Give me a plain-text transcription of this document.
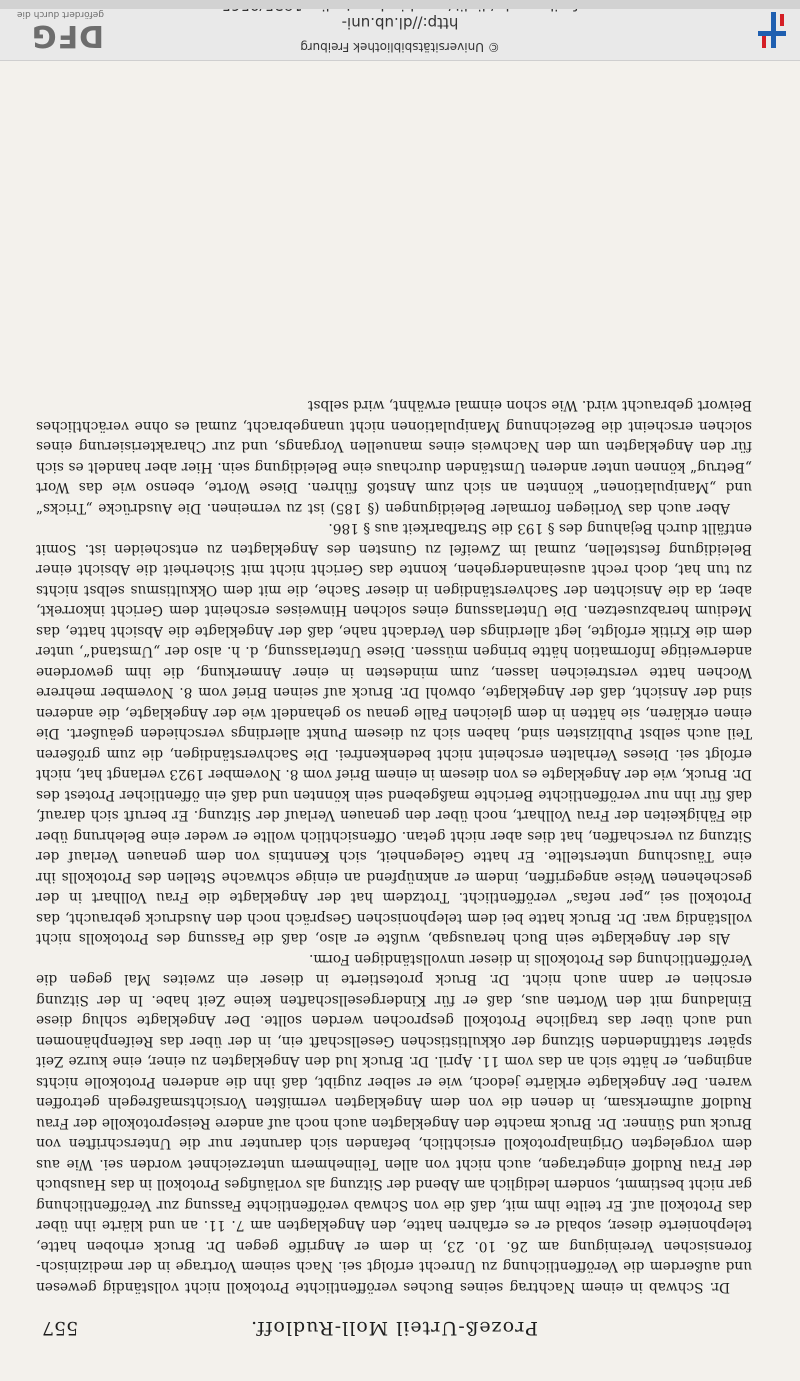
Prozeß-Urteil Moll-Rudloff.
557

Dr. Schwab in einem Nachtrag seines Buches veröffentlichte Protokoll nicht vollständig gewesen und außerdem die Veröffentlichung zu Unrecht erfolgt sei. Nach seinem Vortrage in der medizinisch-forensischen Vereinigung am 26. 10. 23, in dem er Angriffe gegen Dr. Bruck erhoben hatte, telephonierte dieser, sobald er es erfahren hatte, den Angeklagten am 7. 11. an und klärte ihn über das Protokoll auf. Er teilte ihm mit, daß die von Schwab veröffentlichte Fassung zur Veröffentlichung gar nicht bestimmt, sondern lediglich am Abend der Sitzung als vorläufiges Protokoll in das Hausbuch der Frau Rudloff eingetragen, auch nicht von allen Teilnehmern unterzeichnet worden sei. Wie aus dem vorgelegten Originalprotokoll ersichtlich, befanden sich darunter nur die Unterschriften von Bruck und Sünner. Dr. Bruck machte den Angeklagten auch noch auf andere Reiseprotokolle der Frau Rudloff aufmerksam, in denen die von dem Angeklagten vermißten Vorsichtsmaßregeln getroffen waren. Der Angeklagte erklärte jedoch, wie er selber zugibt, daß ihn die anderen Protokolle nichts angingen, er hätte sich an das vom 11. April. Dr. Bruck lud den Angeklagten zu einer, eine kurze Zeit später stattfindenden Sitzung der okkultistischen Gesellschaft ein, in der über das Reifenphänomen und auch über das tragliche Protokoll gesprochen werden sollte. Der Angeklagte schlug diese Einladung mit den Worten aus, daß er für Kindergesellschaften keine Zeit habe. In der Sitzung erschien er dann auch nicht. Dr. Bruck protestierte in dieser ein zweites Mal gegen die Veröffentlichung des Protokolls in dieser unvollständigen Form.

Als der Angeklagte sein Buch herausgab, wußte er also, daß die Fassung des Protokolls nicht vollständig war. Dr. Bruck hatte bei dem telephonischen Gespräch noch den Ausdruck gebraucht, das Protokoll sei „per nefas“ veröffentlicht. Trotzdem hat der Angeklagte die Frau Vollhart in der geschehenen Weise angegriffen, indem er anknüpfend an einige schwache Stellen des Protokolls ihr eine Täuschung unterstellte. Er hatte Gelegenheit, sich Kenntnis von dem genauen Verlauf der Sitzung zu verschaffen, hat dies aber nicht getan. Offensichtlich wollte er weder eine Belehrung über die Fähigkeiten der Frau Vollhart, noch über den genauen Verlauf der Sitzung. Er beruft sich darauf, daß für ihn nur veröffentlichte Berichte maßgebend sein könnten und daß ein öffentlicher Protest des Dr. Bruck, wie der Angeklagte es von diesem in einem Brief vom 8. November 1923 verlangt hat, nicht erfolgt sei. Dieses Verhalten erscheint nicht bedenkenfrei. Die Sachverständigen, die zum größeren Teil auch selbst Publizisten sind, haben sich zu diesem Punkt allerdings verschieden geäußert. Die einen erklären, sie hätten in dem gleichen Falle genau so gehandelt wie der Angeklagte, die anderen sind der Ansicht, daß der Angeklagte, obwohl Dr. Bruck auf seinen Brief vom 8. November mehrere Wochen hatte verstreichen lassen, zum mindesten in einer Anmerkung, die ihm gewordene anderweitige Information hätte bringen müssen. Diese Unterlassung, d. h. also der „Umstand“, unter dem die Kritik erfolgte, legt allerdings den Verdacht nahe, daß der Angeklagte die Absicht hatte, das Medium herabzusetzen. Die Unterlassung eines solchen Hinweises erscheint dem Gericht inkorrekt, aber, da die Ansichten der Sachverständigen in dieser Sache, die mit dem Okkultismus selbst nichts zu tun hat, doch recht auseinandergehen, konnte das Gericht nicht mit Sicherheit die Absicht einer Beleidigung feststellen, zumal im Zweifel zu Gunsten des Angeklagten zu entscheiden ist. Somit entfällt durch Bejahung des § 193 die Strafbarkeit aus § 186.

Aber auch das Vorliegen formaler Beleidigungen (§ 185) ist zu verneinen. Die Ausdrücke „Tricks“ und „Manipulationen“ könnten an sich zum Anstoß führen. Diese Worte, ebenso wie das Wort „Betrug“ können unter anderen Umständen durchaus eine Beleidigung sein. Hier aber handelt es sich für den Angeklagten um den Nachweis eines manuellen Vorgangs, und zur Charakterisierung eines solchen erscheint die Bezeichnung Manipulationen nicht unangebracht, zumal es ohne verächtliches Beiwort gebraucht wird. Wie schon einmal erwähnt, wird selbst

© Universitätsbibliothek Freiburg
http://dl.ub.uni-
DFG
gefördert durch die
